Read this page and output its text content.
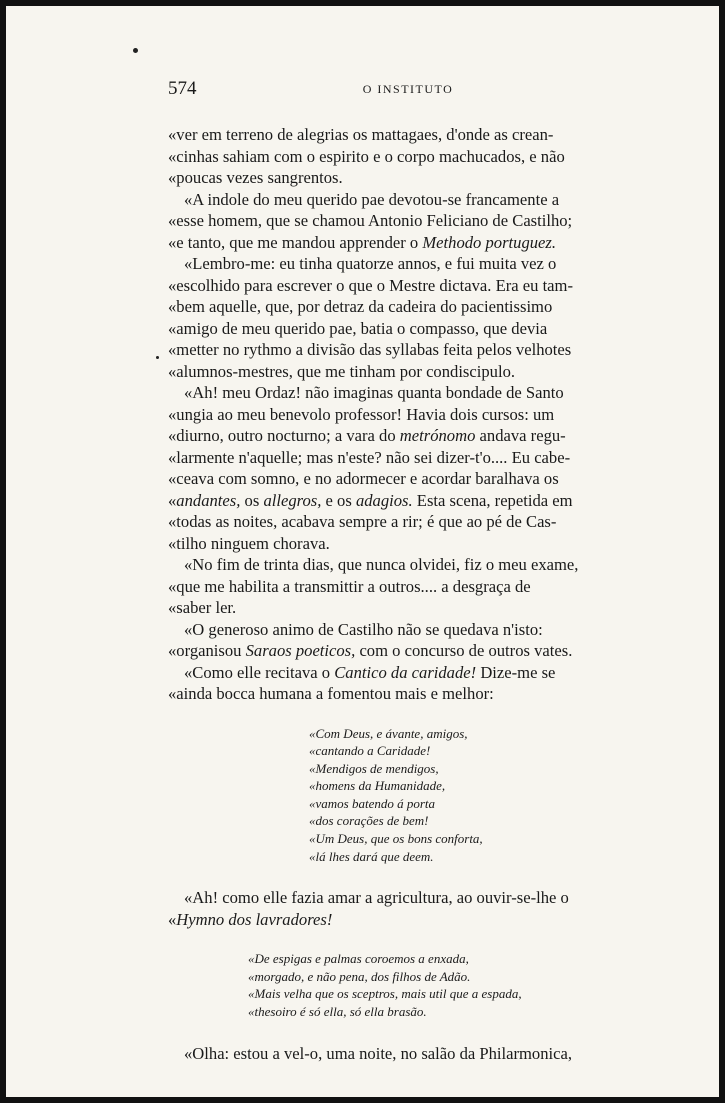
574	O INSTITUTO

«ver em terreno de alegrias os mattagaes, d'onde as crean-
«cinhas sahiam com o espirito e o corpo machucados, e não
«poucas vezes sangrentos.

«A indole do meu querido pae devotou-se francamente a
«esse homem, que se chamou Antonio Feliciano de Castilho;
«e tanto, que me mandou apprender o Methodo portuguez.

«Lembro-me: eu tinha quatorze annos, e fui muita vez o
«escolhido para escrever o que o Mestre dictava. Era eu tam-
«bem aquelle, que, por detraz da cadeira do pacientissimo
«amigo de meu querido pae, batia o compasso, que devia
«metter no rythmo a divisão das syllabas feita pelos velhotes
«alumnos-mestres, que me tinham por condiscipulo.

«Ah! meu Ordaz! não imaginas quanta bondade de Santo
«ungia ao meu benevolo professor! Havia dois cursos: um
«diurno, outro nocturno; a vara do metrónomo andava regu-
«larmente n'aquelle; mas n'este? não sei dizer-t'o.... Eu cabe-
«ceava com somno, e no adormecer e acordar baralhava os
«andantes, os allegros, e os adagios. Esta scena, repetida em
«todas as noites, acabava sempre a rir; é que ao pé de Cas-
«tilho ninguem chorava.

«No fim de trinta dias, que nunca olvidei, fiz o meu exame,
«que me habilita a transmittir a outros.... a desgraça de
«saber ler.

«O generoso animo de Castilho não se quedava n'isto:
«organisou Saraos poeticos, com o concurso de outros vates.

«Como elle recitava o Cantico da caridade! Dize-me se
«ainda bocca humana a fomentou mais e melhor:

«Com Deus, e ávante, amigos,
«cantando a Caridade!
«Mendigos de mendigos,
«homens da Humanidade,
«vamos batendo á porta
«dos corações de bem!
«Um Deus, que os bons conforta,
«lá lhes dará que deem.

«Ah! como elle fazia amar a agricultura, ao ouvir-se-lhe o
«Hymno dos lavradores!

«De espigas e palmas coroemos a enxada,
«morgado, e não pena, dos filhos de Adão.
«Mais velha que os sceptros, mais util que a espada,
«thesoiro é só ella, só ella brasão.

«Olha: estou a vel-o, uma noite, no salão da Philarmonica,
